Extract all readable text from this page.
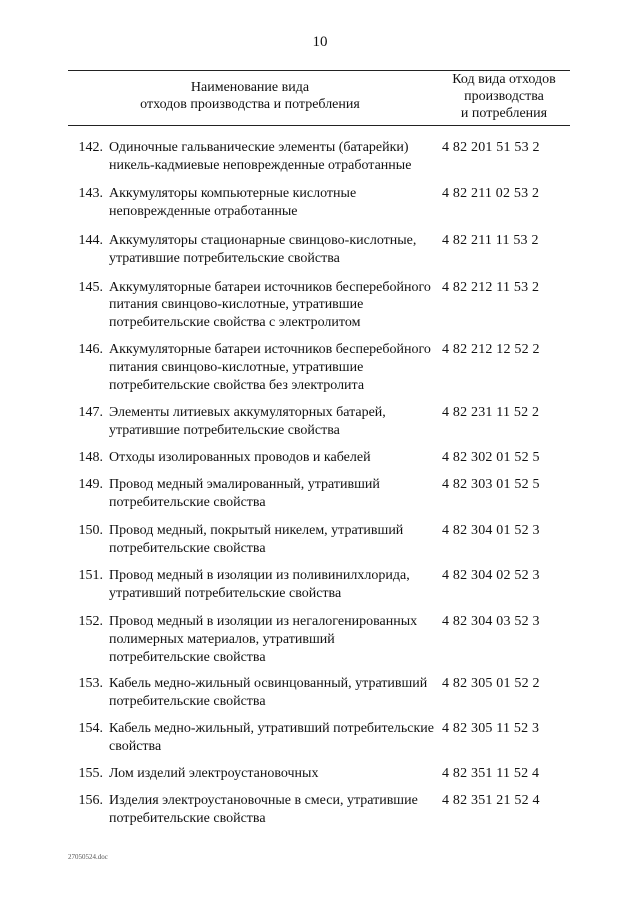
10
Наименование вида
отходов производства и потребления
Код вида отходов
производства
и потребления
142. Одиночные гальванические элементы (батарейки) никель-кадмиевые неповрежденные отработанные
4 82 201 51 53 2
143. Аккумуляторы компьютерные кислотные неповрежденные отработанные
4 82 211 02 53 2
144. Аккумуляторы стационарные свинцово-кислотные, утратившие потребительские свойства
4 82 211 11 53 2
145. Аккумуляторные батареи источников бесперебойного питания свинцово-кислотные, утратившие потребительские свойства с электролитом
4 82 212 11 53 2
146. Аккумуляторные батареи источников бесперебойного питания свинцово-кислотные, утратившие потребительские свойства без электролита
4 82 212 12 52 2
147. Элементы литиевых аккумуляторных батарей, утратившие потребительские свойства
4 82 231 11 52 2
148. Отходы изолированных проводов и кабелей	4 82 302 01 52 5
149. Провод медный эмалированный, утративший потребительские свойства
4 82 303 01 52 5
150. Провод медный, покрытый никелем, утративший потребительские свойства
4 82 304 01 52 3
151. Провод медный в изоляции из поливинилхлорида, утративший потребительские свойства
4 82 304 02 52 3
152. Провод медный в изоляции из негалогенированных полимерных материалов, утративший потребительские свойства
4 82 304 03 52 3
153. Кабель медно-жильный освинцованный, утративший потребительские свойства
4 82 305 01 52 2
154. Кабель медно-жильный, утративший потребительские свойства
4 82 305 11 52 3
155. Лом изделий электроустановочных	4 82 351 11 52 4
156. Изделия электроустановочные в смеси, утратившие потребительские свойства
4 82 351 21 52 4
27050524.doc
